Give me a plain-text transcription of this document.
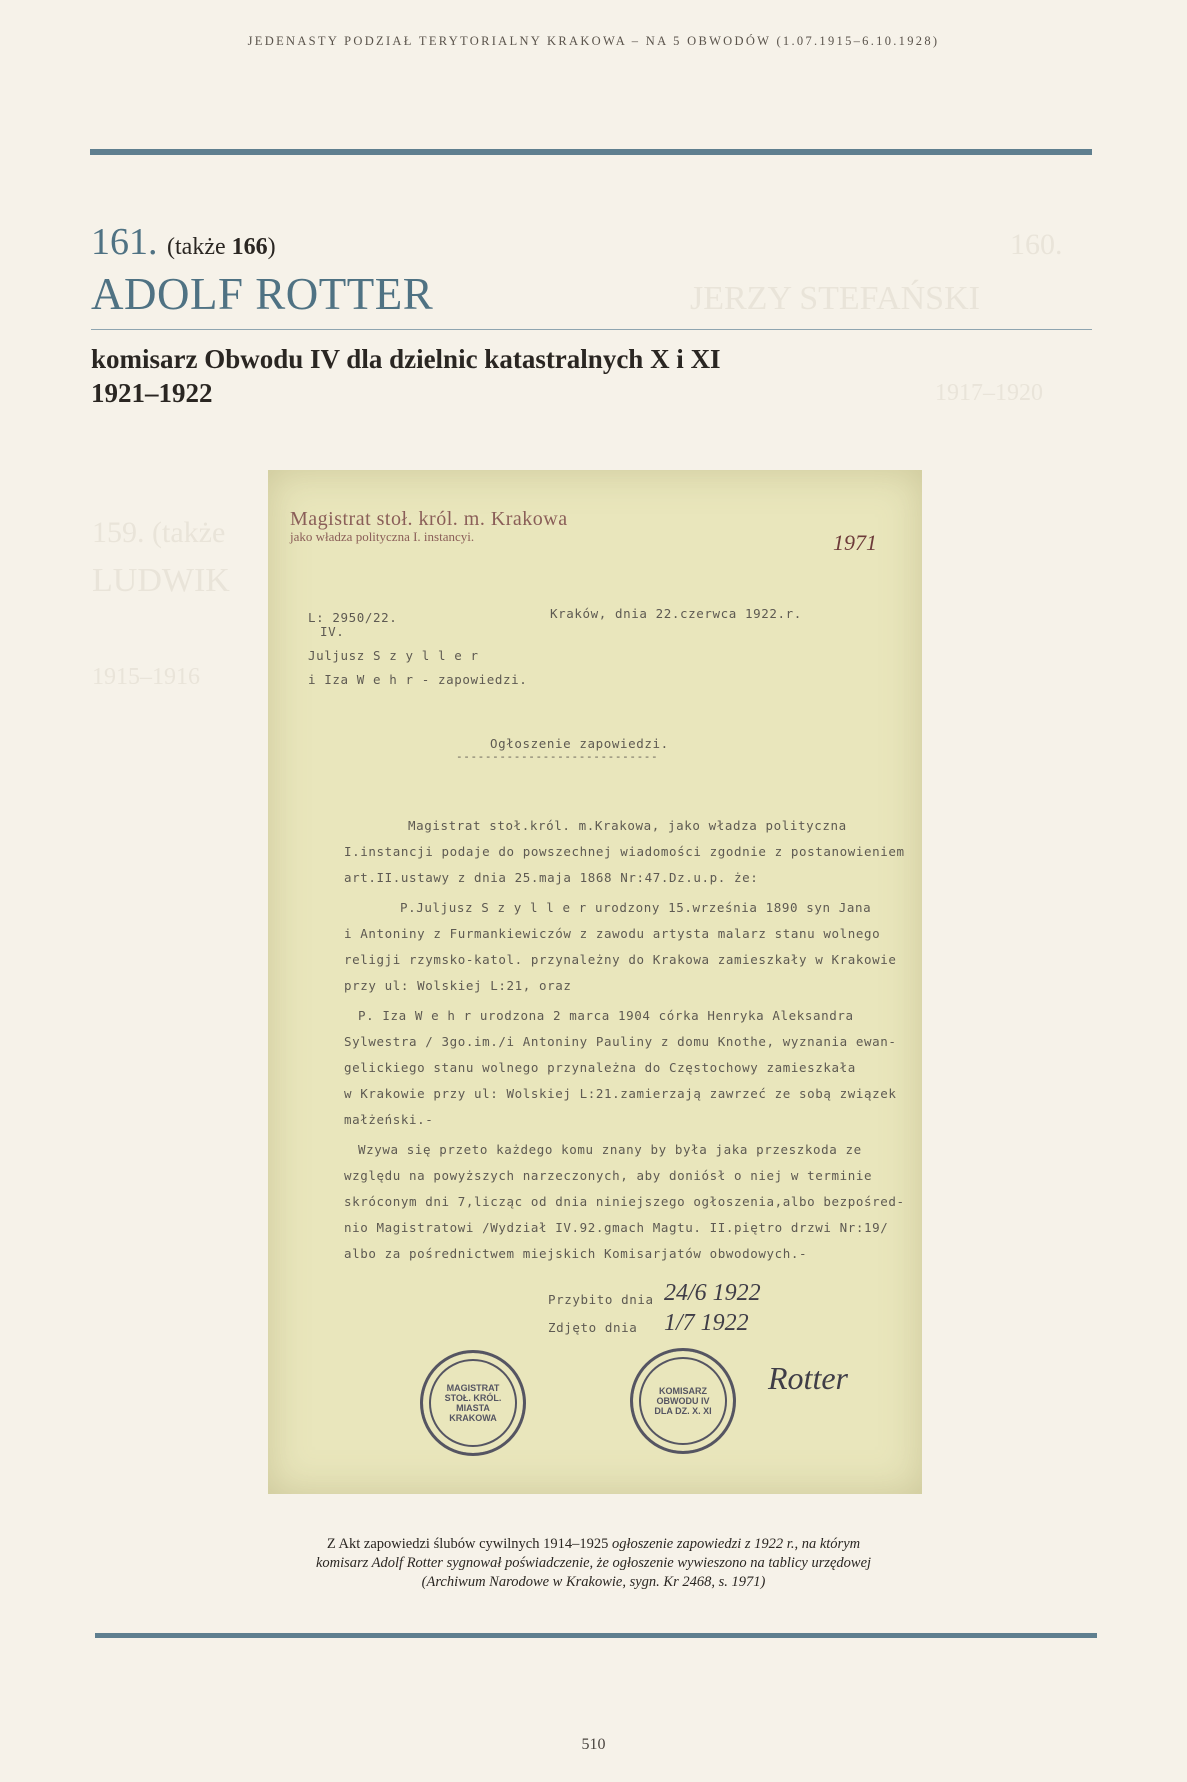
JEDENASTY PODZIAŁ TERYTORIALNY KRAKOWA – NA 5 OBWODÓW (1.07.1915–6.10.1928)
160.
JERZY STEFAŃSKI
1917–1920
159. (także
LUDWIK
1915–1916
161. (także 166)
ADOLF ROTTER
komisarz Obwodu IV dla dzielnic katastralnych X i XI
1921–1922
Magistrat stoł. król. m. Krakowa
jako władza polityczna I. instancyi.	1971
L: 2950/22.
IV.
Kraków, dnia 22.czerwca 1922.r.
Juljusz S z y l l e r
i Iza W e h r - zapowiedzi.
Ogłoszenie zapowiedzi.
----------------------------
Magistrat stoł.król. m.Krakowa, jako władza polityczna
I.instancji podaje do powszechnej wiadomości zgodnie z postanowieniem
art.II.ustawy z dnia 25.maja 1868 Nr:47.Dz.u.p. że:
P.Juljusz S z y l l e r urodzony 15.września 1890 syn Jana
i Antoniny z Furmankiewiczów z zawodu artysta malarz stanu wolnego
religji rzymsko-katol. przynależny do Krakowa zamieszkały w Krakowie
przy ul: Wolskiej L:21, oraz
P. Iza W e h r urodzona 2 marca 1904 córka Henryka Aleksandra
Sylwestra / 3go.im./i Antoniny Pauliny z domu Knothe, wyznania ewan-
gelickiego stanu wolnego przynależna do Częstochowy zamieszkała
w Krakowie przy ul: Wolskiej L:21.zamierzają zawrzeć ze sobą związek
małżeński.-
Wzywa się przeto każdego komu znany by była jaka przeszkoda ze
względu na powyższych narzeczonych, aby doniósł o niej w terminie
skróconym dni 7,licząc od dnia niniejszego ogłoszenia,albo bezpośred-
nio Magistratowi /Wydział IV.92.gmach Magtu. II.piętro drzwi Nr:19/
albo za pośrednictwem miejskich Komisarjatów obwodowych.-
Przybito dnia 24/6 1922
Zdjęto dnia 1/7 1922
MAGISTRAT STOŁ. KRÓL. MIASTA KRAKOWA
KOMISARZ OBWODU IV DLA DZ. X. XI
Rotter
Z Akt zapowiedzi ślubów cywilnych 1914–1925 ogłoszenie zapowiedzi z 1922 r., na którym
komisarz Adolf Rotter sygnował poświadczenie, że ogłoszenie wywieszono na tablicy urzędowej
(Archiwum Narodowe w Krakowie, sygn. Kr 2468, s. 1971)
510
